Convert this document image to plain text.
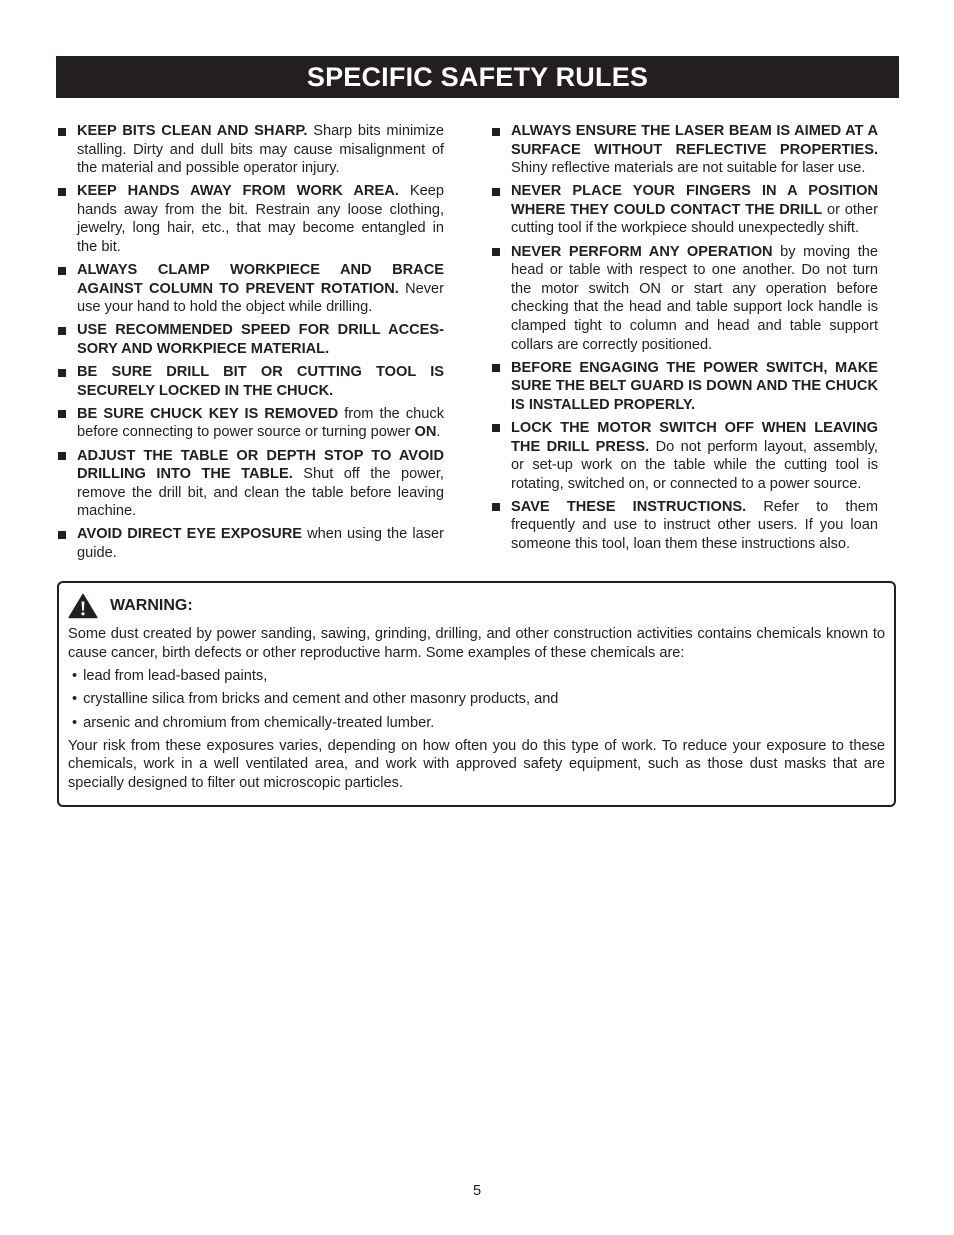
SPECIFIC SAFETY RULES
KEEP BITS CLEAN AND SHARP. Sharp bits minimize stalling. Dirty and dull bits may cause misalignment of the material and possible operator injury.
KEEP HANDS AWAY FROM WORK AREA. Keep hands away from the bit. Restrain any loose clothing, jewelry, long hair, etc., that may become entangled in the bit.
ALWAYS CLAMP WORKPIECE AND BRACE AGAINST COLUMN TO PREVENT ROTATION. Never use your hand to hold the object while drilling.
USE RECOMMENDED SPEED FOR DRILL ACCES-SORY AND WORKPIECE MATERIAL.
BE SURE DRILL BIT OR CUTTING TOOL IS SECURELY LOCKED IN THE CHUCK.
BE SURE CHUCK KEY IS REMOVED from the chuck before connecting to power source or turning power ON.
ADJUST THE TABLE OR DEPTH STOP TO AVOID DRILLING INTO THE TABLE. Shut off the power, remove the drill bit, and clean the table before leaving machine.
AVOID DIRECT EYE EXPOSURE when using the laser guide.
ALWAYS ENSURE THE LASER BEAM IS AIMED AT A SURFACE WITHOUT REFLECTIVE PROPERTIES. Shiny reflective materials are not suitable for laser use.
NEVER PLACE YOUR FINGERS IN A POSITION WHERE THEY COULD CONTACT THE DRILL or other cutting tool if the workpiece should unexpectedly shift.
NEVER PERFORM ANY OPERATION by moving the head or table with respect to one another. Do not turn the motor switch ON or start any operation before checking that the head and table support lock handle is clamped tight to column and head and table support collars are correctly positioned.
BEFORE ENGAGING THE POWER SWITCH, MAKE SURE THE BELT GUARD IS DOWN AND THE CHUCK IS INSTALLED PROPERLY.
LOCK THE MOTOR SWITCH OFF WHEN LEAVING THE DRILL PRESS. Do not perform layout, assembly, or set-up work on the table while the cutting tool is rotating, switched on, or connected to a power source.
SAVE THESE INSTRUCTIONS. Refer to them frequently and use to instruct other users. If you loan someone this tool, loan them these instructions also.
WARNING:

Some dust created by power sanding, sawing, grinding, drilling, and other construction activities contains chemicals known to cause cancer, birth defects or other reproductive harm. Some examples of these chemicals are:

• lead from lead-based paints,
• crystalline silica from bricks and cement and other masonry products, and
• arsenic and chromium from chemically-treated lumber.

Your risk from these exposures varies, depending on how often you do this type of work. To reduce your exposure to these chemicals, work in a well ventilated area, and work with approved safety equipment, such as those dust masks that are specially designed to filter out microscopic particles.

5
